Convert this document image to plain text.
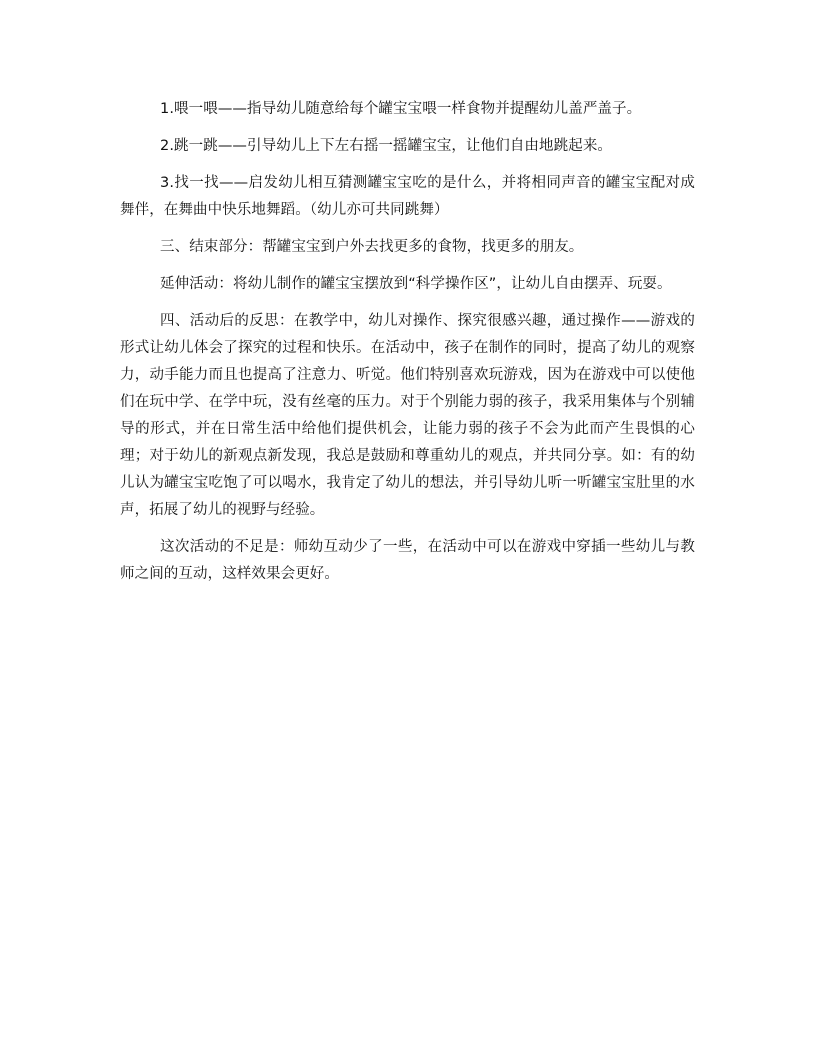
1.喂一喂——指导幼儿随意给每个罐宝宝喂一样食物并提醒幼儿盖严盖子。

2.跳一跳——引导幼儿上下左右摇一摇罐宝宝，让他们自由地跳起来。

3.找一找——启发幼儿相互猜测罐宝宝吃的是什么，并将相同声音的罐宝宝配对成舞伴，在舞曲中快乐地舞蹈。（幼儿亦可共同跳舞）

三、结束部分：帮罐宝宝到户外去找更多的食物，找更多的朋友。

延伸活动：将幼儿制作的罐宝宝摆放到“科学操作区”，让幼儿自由摆弄、玩耍。

四、活动后的反思：在教学中，幼儿对操作、探究很感兴趣，通过操作——游戏的形式让幼儿体会了探究的过程和快乐。在活动中，孩子在制作的同时，提高了幼儿的观察力，动手能力而且也提高了注意力、听觉。他们特别喜欢玩游戏，因为在游戏中可以使他们在玩中学、在学中玩，没有丝毫的压力。对于个别能力弱的孩子，我采用集体与个别辅导的形式，并在日常生活中给他们提供机会，让能力弱的孩子不会为此而产生畏惧的心理；对于幼儿的新观点新发现，我总是鼓励和尊重幼儿的观点，并共同分享。如：有的幼儿认为罐宝宝吃饱了可以喝水，我肯定了幼儿的想法，并引导幼儿听一听罐宝宝肚里的水声，拓展了幼儿的视野与经验。

这次活动的不足是：师幼互动少了一些，在活动中可以在游戏中穿插一些幼儿与教师之间的互动，这样效果会更好。
